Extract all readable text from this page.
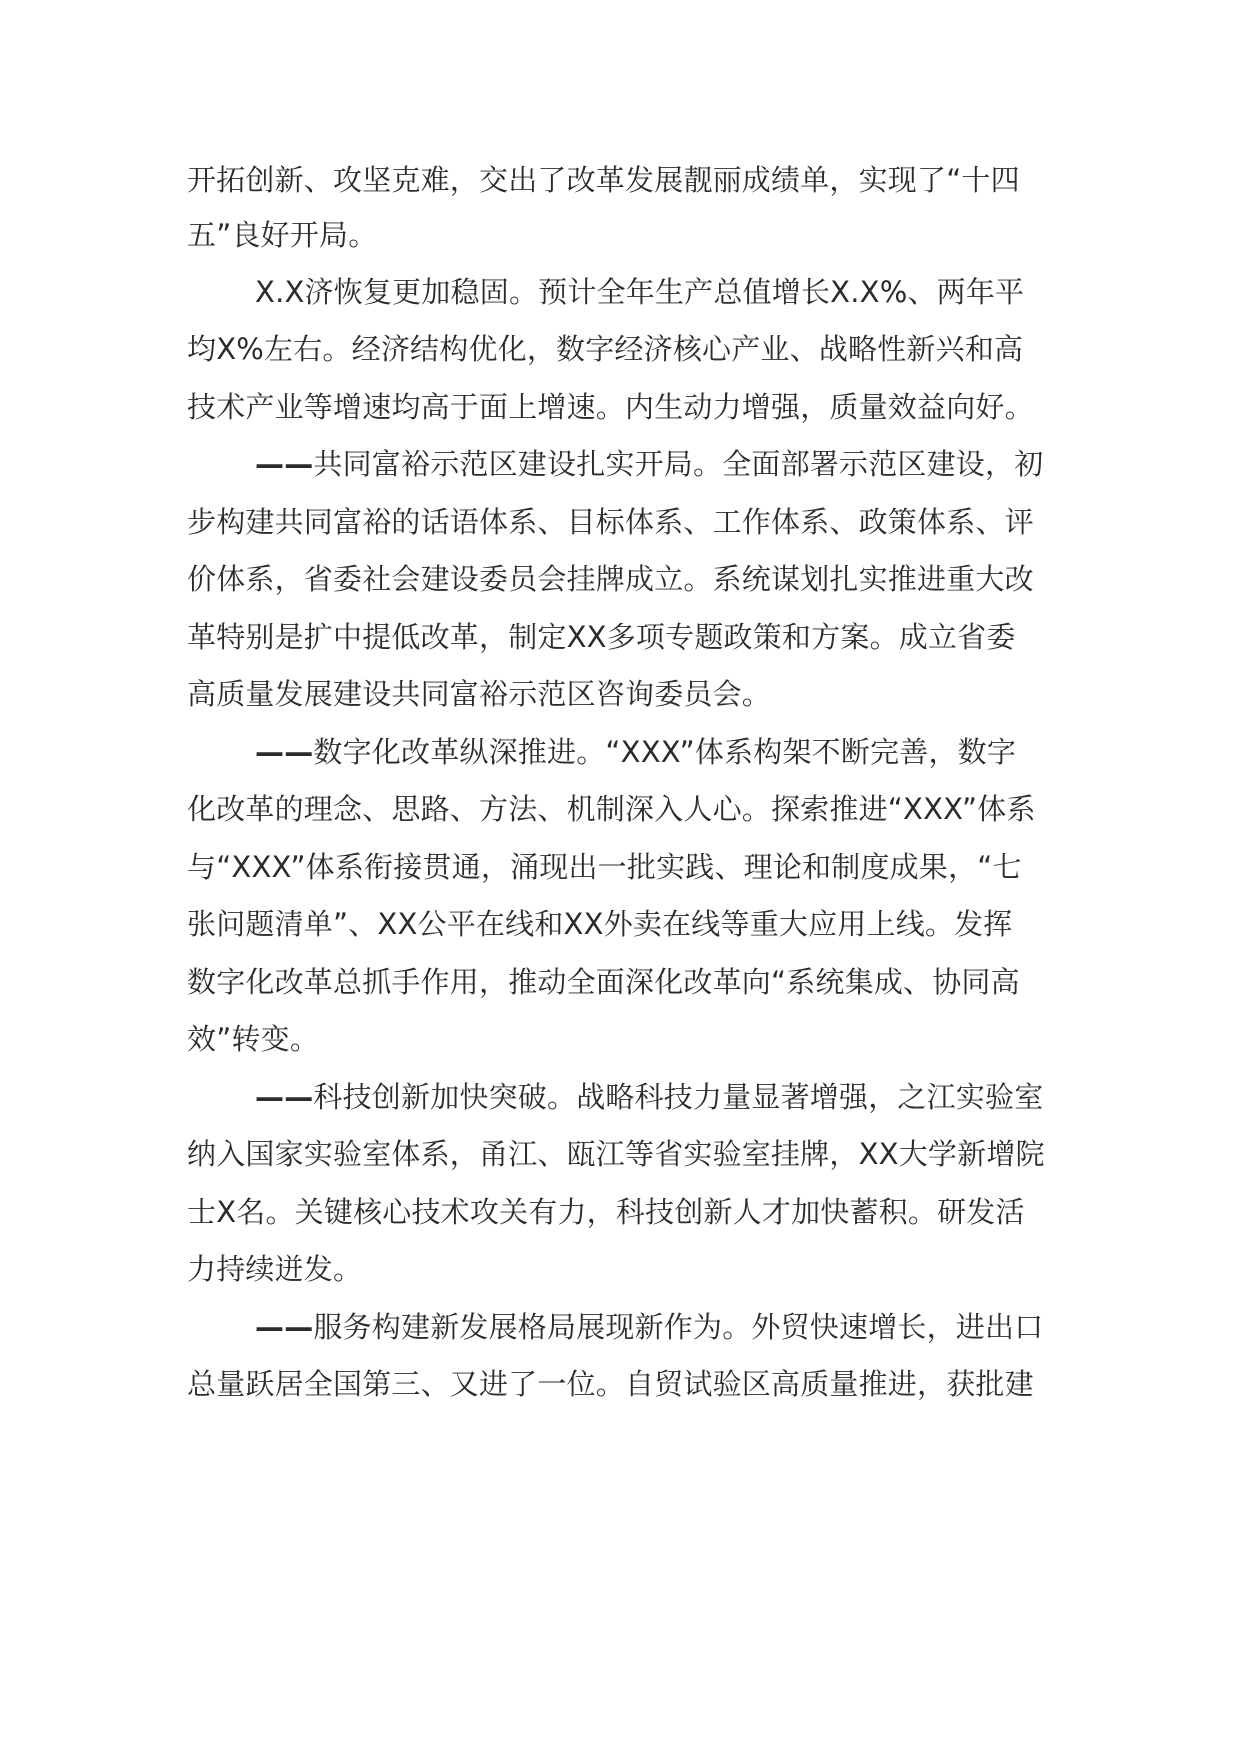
开拓创新、攻坚克难，交出了改革发展靓丽成绩单，实现了“十四
五”良好开局。
X.X济恢复更加稳固。预计全年生产总值增长X.X%、两年平
均X%左右。经济结构优化，数字经济核心产业、战略性新兴和高
技术产业等增速均高于面上增速。内生动力增强，质量效益向好。
——共同富裕示范区建设扎实开局。全面部署示范区建设，初
步构建共同富裕的话语体系、目标体系、工作体系、政策体系、评
价体系，省委社会建设委员会挂牌成立。系统谋划扎实推进重大改
革特别是扩中提低改革，制定XX多项专题政策和方案。成立省委
高质量发展建设共同富裕示范区咨询委员会。
——数字化改革纵深推进。“XXX”体系构架不断完善，数字
化改革的理念、思路、方法、机制深入人心。探索推进“XXX”体系
与“XXX”体系衔接贯通，涌现出一批实践、理论和制度成果，“七
张问题清单”、XX公平在线和XX外卖在线等重大应用上线。发挥
数字化改革总抓手作用，推动全面深化改革向“系统集成、协同高
效”转变。
——科技创新加快突破。战略科技力量显著增强，之江实验室
纳入国家实验室体系，甬江、瓯江等省实验室挂牌，XX大学新增院
士X名。关键核心技术攻关有力，科技创新人才加快蓄积。研发活
力持续迸发。
——服务构建新发展格局展现新作为。外贸快速增长，进出口
总量跃居全国第三、又进了一位。自贸试验区高质量推进，获批建
